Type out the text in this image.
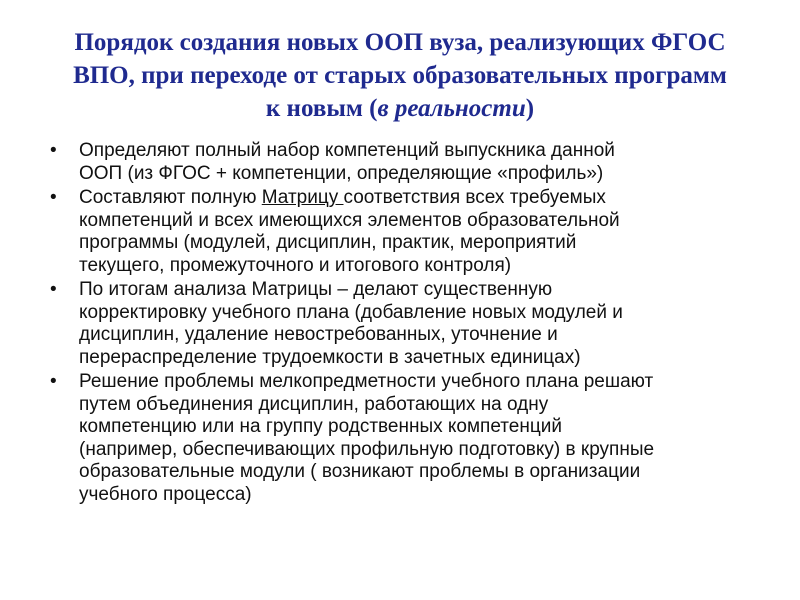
Порядок создания новых ООП вуза, реализующих ФГОС
ВПО, при переходе от старых образовательных программ
к новым (в реальности)
• Определяют полный набор компетенций выпускника данной
ООП (из ФГОС + компетенции, определяющие «профиль»)
• Составляют полную Матрицу соответствия всех требуемых
компетенций и всех имеющихся элементов образовательной
программы (модулей, дисциплин, практик, мероприятий
текущего, промежуточного и итогового контроля)
• По итогам анализа Матрицы – делают существенную
корректировку учебного плана (добавление новых модулей и
дисциплин, удаление невостребованных, уточнение и
перераспределение трудоемкости в зачетных единицах)
• Решение проблемы мелкопредметности учебного плана решают
путем объединения дисциплин, работающих на одну
компетенцию или на группу родственных компетенций
(например, обеспечивающих профильную подготовку) в крупные
образовательные модули ( возникают проблемы в организации
учебного процесса)
